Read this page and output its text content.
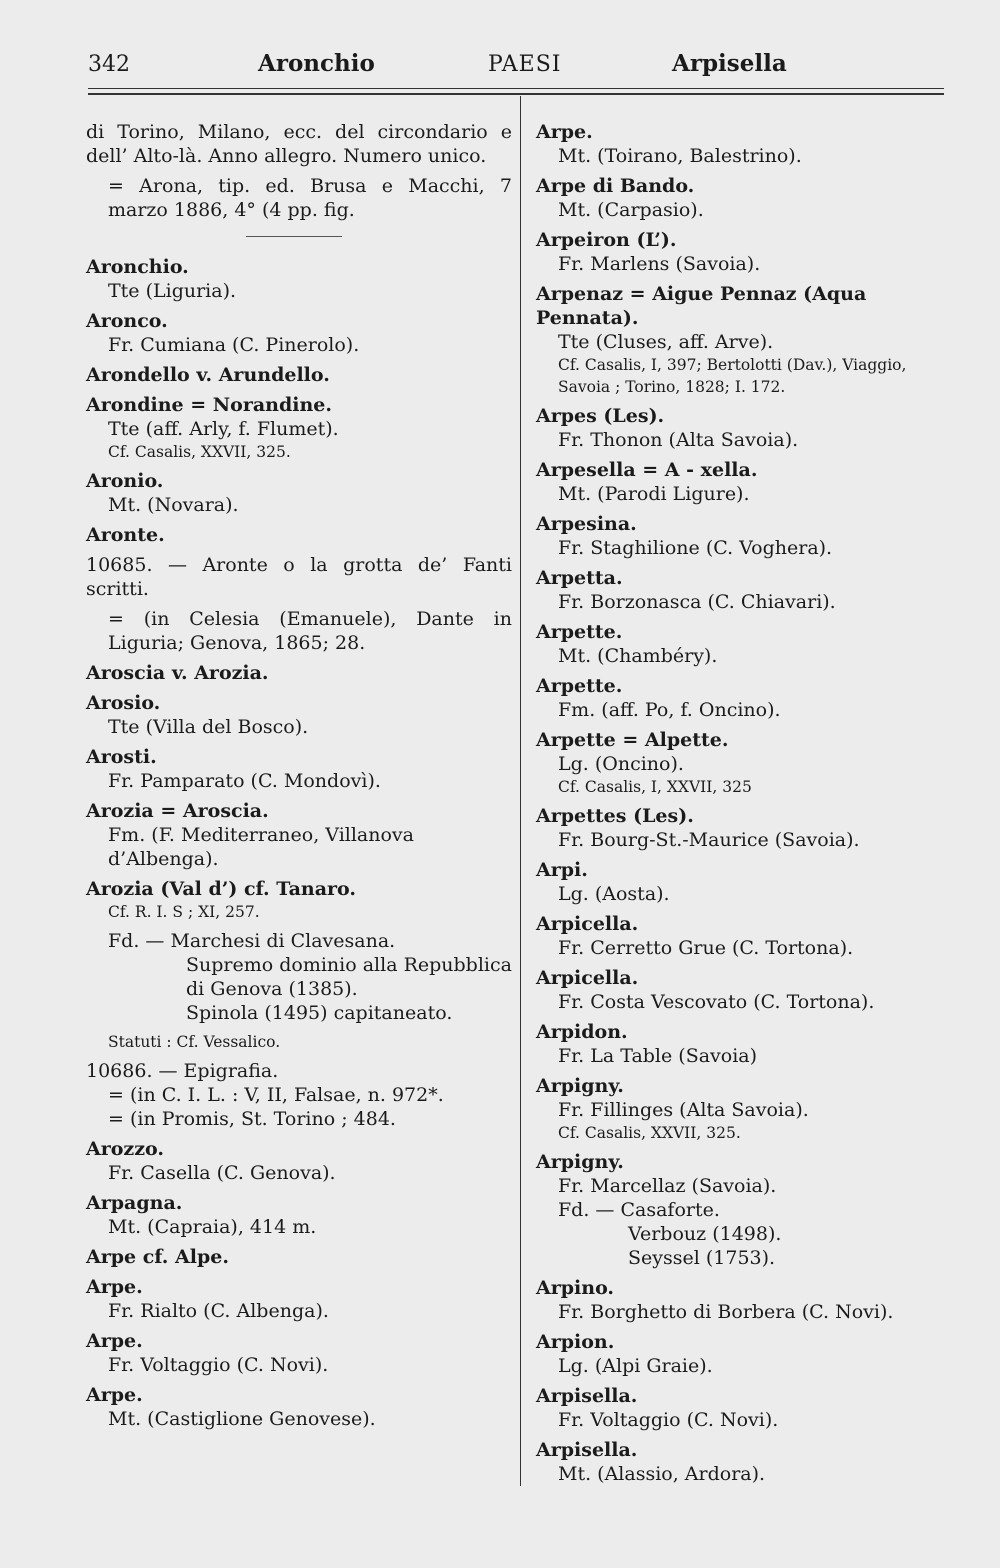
342	Aronchio	PAESI	Arpisella
di Torino, Milano, ecc. del circondario e dell’ Alto-là. Anno allegro. Numero unico.
= Arona, tip. ed. Brusa e Macchi, 7 marzo 1886, 4° (4 pp. fig.
Aronchio.
Tte (Liguria).
Aronco.
Fr. Cumiana (C. Pinerolo).
Arondello v. Arundello.
Arondine = Norandine.
Tte (aff. Arly, f. Flumet).
Cf. Casalis, XXVII, 325.
Aronio.
Mt. (Novara).
Aronte.
10685. — Aronte o la grotta de’ Fanti scritti.
= (in Celesia (Emanuele), Dante in Liguria; Genova, 1865; 28.
Aroscia v. Arozia.
Arosio.
Tte (Villa del Bosco).
Arosti.
Fr. Pamparato (C. Mondovì).
Arozia = Aroscia.
Fm. (F. Mediterraneo, Villanova d’Albenga).
Arozia (Val d’) cf. Tanaro.
Cf. R. I. S ; XI, 257.
Fd. — Marchesi di Clavesana.
Supremo dominio alla Repubblica di Genova (1385).
Spinola (1495) capitaneato.
Statuti : Cf. Vessalico.
10686. — Epigrafia.
= (in C. I. L. : V, II, Falsae, n. 972*.
= (in Promis, St. Torino ; 484.
Arozzo.
Fr. Casella (C. Genova).
Arpagna.
Mt. (Capraia), 414 m.
Arpe cf. Alpe.
Arpe.
Fr. Rialto (C. Albenga).
Arpe.
Fr. Voltaggio (C. Novi).
Arpe.
Mt. (Castiglione Genovese).
Arpe.
Mt. (Toirano, Balestrino).
Arpe di Bando.
Mt. (Carpasio).
Arpeiron (L’).
Fr. Marlens (Savoia).
Arpenaz = Aigue Pennaz (Aqua Pennata).
Tte (Cluses, aff. Arve).
Cf. Casalis, I, 397; Bertolotti (Dav.), Viaggio, Savoia ; Torino, 1828; I. 172.
Arpes (Les).
Fr. Thonon (Alta Savoia).
Arpesella = A - xella.
Mt. (Parodi Ligure).
Arpesina.
Fr. Staghilione (C. Voghera).
Arpetta.
Fr. Borzonasca (C. Chiavari).
Arpette.
Mt. (Chambéry).
Arpette.
Fm. (aff. Po, f. Oncino).
Arpette = Alpette.
Lg. (Oncino).
Cf. Casalis, I, XXVII, 325
Arpettes (Les).
Fr. Bourg-St.-Maurice (Savoia).
Arpi.
Lg. (Aosta).
Arpicella.
Fr. Cerretto Grue (C. Tortona).
Arpicella.
Fr. Costa Vescovato (C. Tortona).
Arpidon.
Fr. La Table (Savoia)
Arpigny.
Fr. Fillinges (Alta Savoia).
Cf. Casalis, XXVII, 325.
Arpigny.
Fr. Marcellaz (Savoia).
Fd. — Casaforte.
Verbouz (1498).
Seyssel (1753).
Arpino.
Fr. Borghetto di Borbera (C. Novi).
Arpion.
Lg. (Alpi Graie).
Arpisella.
Fr. Voltaggio (C. Novi).
Arpisella.
Mt. (Alassio, Ardora).
